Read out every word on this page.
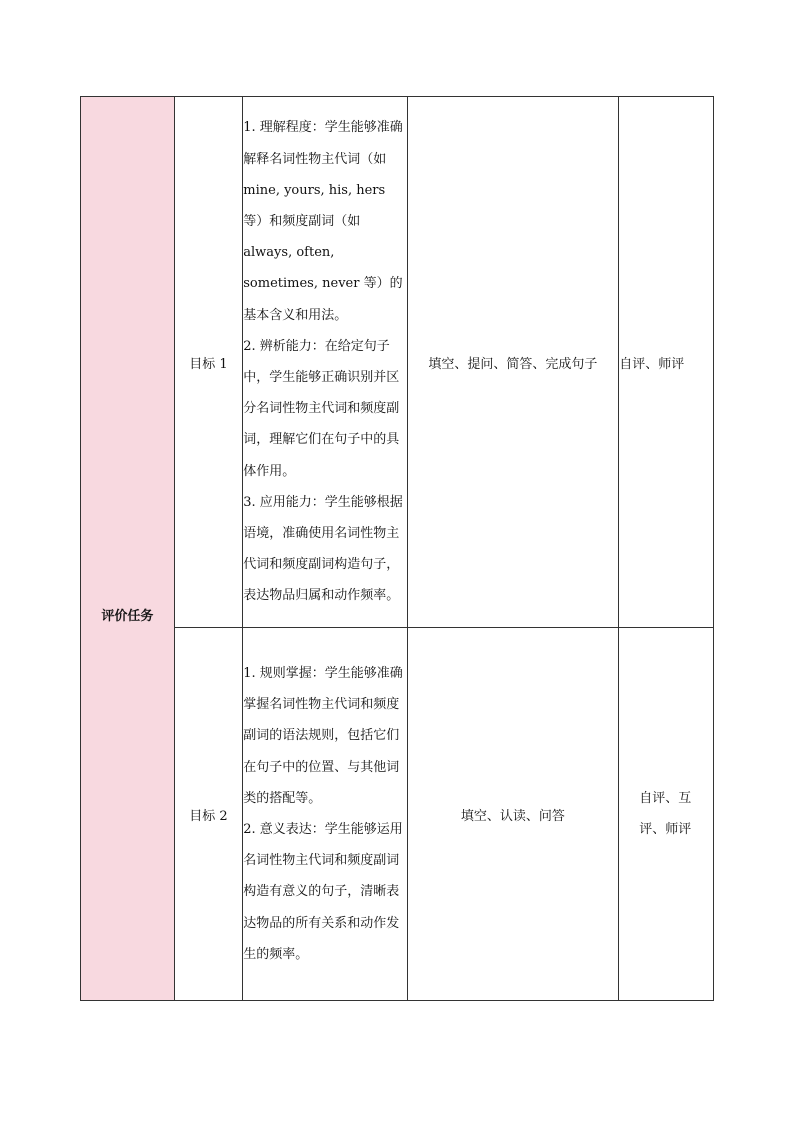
评价任务	目标 1	1. 理解程度：学生能够准确解释名词性物主代词（如 mine, yours, his, hers 等）和频度副词（如 always, often, sometimes, never 等）的基本含义和用法。

2. 辨析能力：在给定句子中，学生能够正确识别并区分名词性物主代词和频度副词，理解它们在句子中的具体作用。

3. 应用能力：学生能够根据语境，准确使用名词性物主代词和频度副词构造句子，表达物品归属和动作频率。	填空、提问、简答、完成句子	自评、师评
	目标 2	1. 规则掌握：学生能够准确掌握名词性物主代词和频度副词的语法规则，包括它们在句子中的位置、与其他词类的搭配等。

2. 意义表达：学生能够运用名词性物主代词和频度副词构造有意义的句子，清晰表达物品的所有关系和动作发生的频率。	填空、认读、问答	自评、互评、师评
